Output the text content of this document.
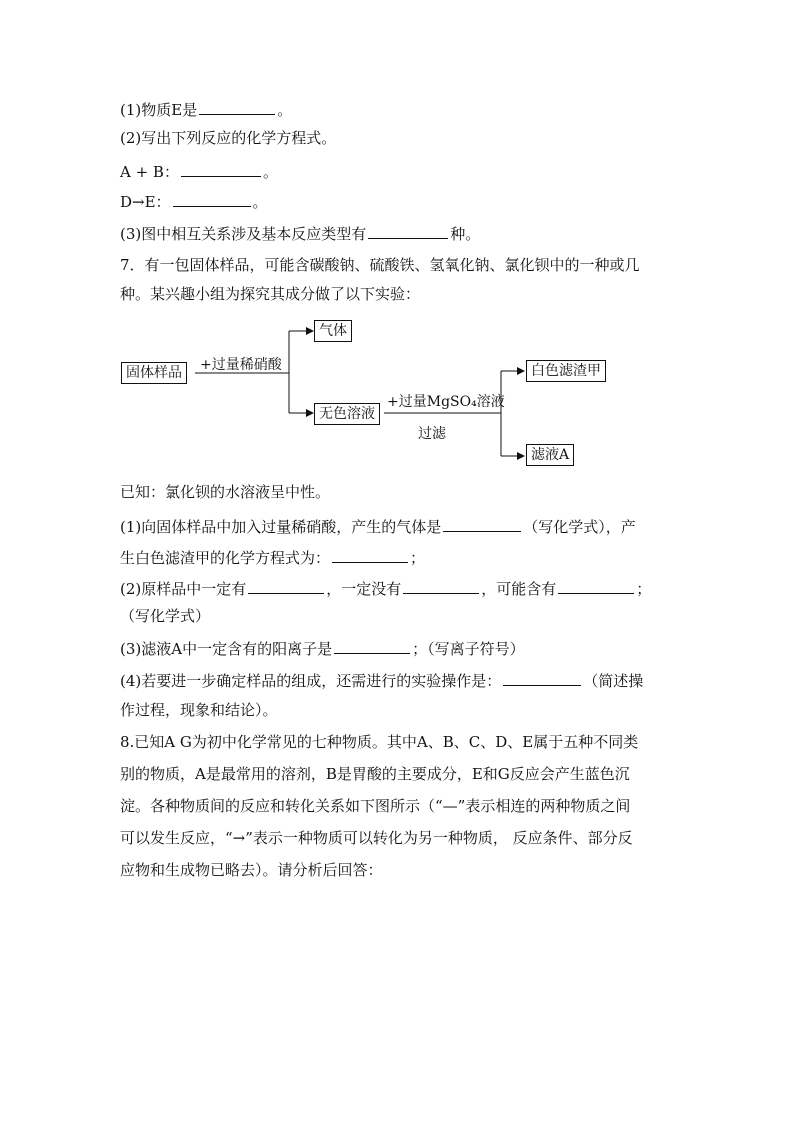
(1)物质E是	。
(2)写出下列反应的化学方程式。
A + B：	。
D→E：	。
(3)图中相互关系涉及基本反应类型有	种。
7．有一包固体样品，可能含碳酸钠、硫酸铁、氢氧化钠、氯化钡中的一种或几
种。某兴趣小组为探究其成分做了以下实验：
固体样品	+过量稀硝酸
气体
无色溶液
+过量MgSO₄溶液
过滤
白色滤渣甲
滤液A
已知：氯化钡的水溶液呈中性。
(1)向固体样品中加入过量稀硝酸，产生的气体是	（写化学式），产
生白色滤渣甲的化学方程式为：	；
(2)原样品中一定有	，一定没有	，可能含有	；
（写化学式）
(3)滤液A中一定含有的阳离子是	；（写离子符号）
(4)若要进一步确定样品的组成，还需进行的实验操作是：	（简述操
作过程，现象和结论）。
8.已知A G为初中化学常见的七种物质。其中A、B、C、D、E属于五种不同类
别的物质，A是最常用的溶剂，B是胃酸的主要成分，E和G反应会产生蓝色沉
淀。各种物质间的反应和转化关系如下图所示（“—”表示相连的两种物质之间
可以发生反应，“→”表示一种物质可以转化为另一种物质， 反应条件、部分反
应物和生成物已略去）。请分析后回答：
